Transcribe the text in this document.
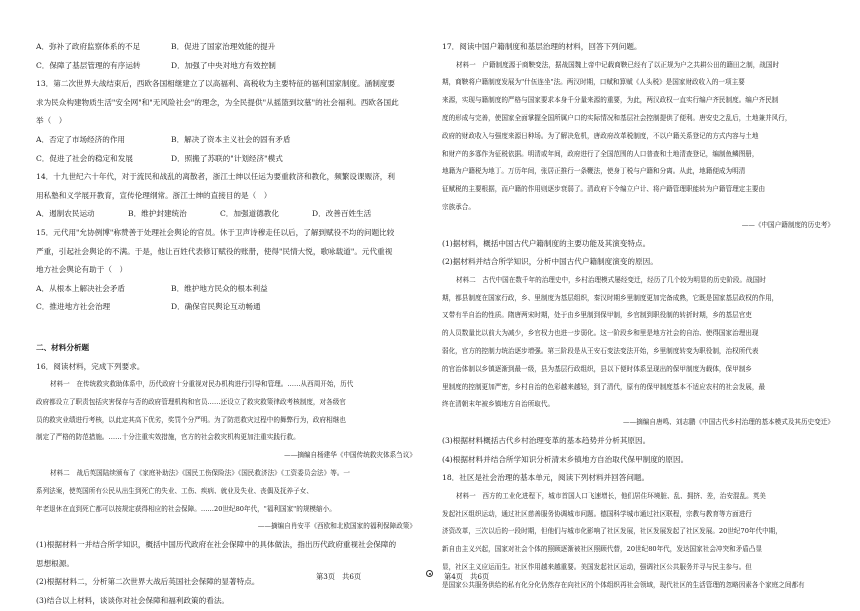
A．弥补了政府监察体系的不足	B．促进了国家治理效能的提升
C．保障了基层管理的有序运转	D．加强了中央对地方有效控制
13．第二次世界大战结束后，西欧各国相继建立了以高福利、高税收为主要特征的福利国家制度。涵制度要
求为民众构建物质生活"安全网"和"无风险社会"的理念，为全民提供"从摇篮到坟墓"的社会福利。西欧各国此
举（　）
A．否定了市场经济的作用	B．解决了资本主义社会的固有矛盾
C．促进了社会的稳定和发展	D．照搬了苏联的"计划经济"模式
14．十九世纪六十年代，对于流民和战乱的离散者，浙江士绅以任运为要重救济和教化，频繁设课赈济，利
用私塾和义学展开教育，宣传伦理纲常。浙江士绅的直接目的是（　）
A．遏制农民运动	B．维护封建统治	C．加强道德教化	D．改善百姓生活
15．元代用"允协例博"称赞善于处理社会舆论的官员。休于卫声诗穆走任以后，了解到赋役不均的问题比较
严重，引起社会舆论的不满。于是，他让百姓代表修订赋役的账册，使得"民情大悦，歌咏载道"。元代重视
地方社会舆论有助于（　）
A．从根本上解决社会矛盾	B．维护地方民众的根本利益
C．推进地方社会治理	D．确保官民舆论互动畅通
二、材料分析题
16．阅读材料，完成下列要求。
材料一　在传统救灾救助体系中，历代政府十分重视对民办机构进行引导和管理。……从西周开始，历代
政府都设立了职责包括灾害保存与否的政府管理机构和官员……还设立了救灾救策律政考核制度，对各级官
员的救灾业绩进行考核，以此定其高下优劣，奖罚个分严明。为了防范救灾过程中的舞弊行为，政府相继也
制定了严格的防范措施。……十分注重实效措施，官方的社会救灾机构更加注重实践行救。
——摘编自杨建华《中国传统救灾体系刍议》
材料二　战后英国陆续颁布了《家庭补助法》《国民工伤保险法》《国民救济法》《工资委员会法》等。一
系列法案，使英国所有公民从出生到死亡的失业、工伤、疾病、就业及失业、丧偶及抚养子女、
年老退休在直到死亡都可以按规定获得相应的社会保障。……20世纪80年代，"福利国家"的规模缩小。
——摘编自肖安平《西欧和北欧国家的福利保障政策》
(1)根据材料一并结合所学知识，概括中国历代政府在社会保障中的具体做法，指出历代政府重视社会保障的
思想根源。
(2)根据材料二，分析第二次世界大战后英国社会保障的显著特点。
(3)结合以上材料，谈谈你对社会保障和福利政策的看法。
17．阅读中国户籍制度和基层治理的材料，回答下列问题。
材料一　户籍制度源于商鞅变法，据战国魏上帝中记载商鞅已经有了以正规为户之共耕公田的籍田之制，战国时
期，商鞅将户籍制度发展为"什伍连坐"法。两汉时期，口赋和算赋《人头税》是国家财政收入的一项主要
来源，实现与籍制度的严格与国家要求本身千分量来源的重要，为此，两汉政权一直实行编户齐民制度。编户齐民制
度的形成与完善，使国家全面掌握全国所属户口的实际情况和基层社会控制提供了便利。唐安史之乱后，土地兼并风行，
政府的财政收入与强度来源日种场。为了解决危机，唐政府改革税制度，不以户籍关系登记的方式内容与土地
和财产的多寡作为征税依据。明清或年间，政府进行了全国范围的人口普查和土地清查登记，编制鱼鳞图册，
地籍为户籍税为地丁。万历年间，张居正推行一条鞭法，使身丁税与户籍和分离。从此，地籍便成为明清
征赋税的主要根据，而户籍的作用则逐步衰弱了。清政府下令编立户计、将户籍管理职能转为户籍管理定主要由
宗族承合。
——《中国户籍制度的历史考》
(1)据材料，概括中国古代户籍制度的主要功能及其演变特点。
(2)据材料并结合所学知识，分析中国古代户籍制度演变的原因。
材料二　古代中国在数千年的治理史中，乡村治理模式屡经变迁，经历了几个较为明显的历史阶段。战国时
期，都县制度在国家行政，乡、里制度为基层组织，秦汉时期乡里制度更加完备成熟，它既是国家基层政权的作用，
又带有半自治的性质。隋唐两宋时期，处于由乡里制到保甲制，乡官制到职役制的转折时期，乡的基层官吏
的人员数量比以前大为减少，乡官权力也进一步弱化。这一阶段乡和里是地方社会的自治、使得国家治理出现
弱化，官方的控制力统治逐步增强。第三阶段是从王安石变法变法开始，乡里制度转变为职役制，治权所代表
的官治体制以乡镇逐渐到最一级，县为基层行政组织，县以下便时体系呈现出的保甲制度为载体，保甲制乡
里制度的控制更加严密，乡村自治的色彩越来越轻，到了清代，原有的保甲制度基本不适应农村的社会发展，最
终在清朝末年被乡镇地方自治所取代。
——摘编自唐鸣、刘志鹏《中国古代乡村治理的基本模式及其历史变迁》
(3)根据材料概括古代乡村治理变革的基本趋势并分析其原因。
(4)根据材料并结合所学知识分析清末乡镇地方自治取代保甲制度的原因。
18．社区是社会治理的基本单元，阅读下列材料并回答问题。
材料一　西方的工业化进程下，城市首国人口飞速增长，他们居住环境脏、乱、拥挤、差，治安混乱。英美
发起社区组织运动，通过社区慈善服务协调城市问题。德国科学城市通过社区联程，宗教与教育等方面进行
济资改革，三次以后的一段时期，但他们与城市化影响了社区发展，社区发展发起了社区发展。20世纪70年代中期，
新自由主义兴起，国家对社会个体的照顾逐渐被社区照顾代替，20世纪80年代，发达国家社会冲突和矛盾凸显
显，社区主义应运而生。社区作用越来越重要。美国发起社区运动，强调社区公共服务并寻与民主参与。但
是国家公共服务供给的私有化分化仍然存在向社区的个体组织再社会领域，现代社区的生活管理的忽略因素各个家庭之间都有
第3页　共6页	第4页　共6页
